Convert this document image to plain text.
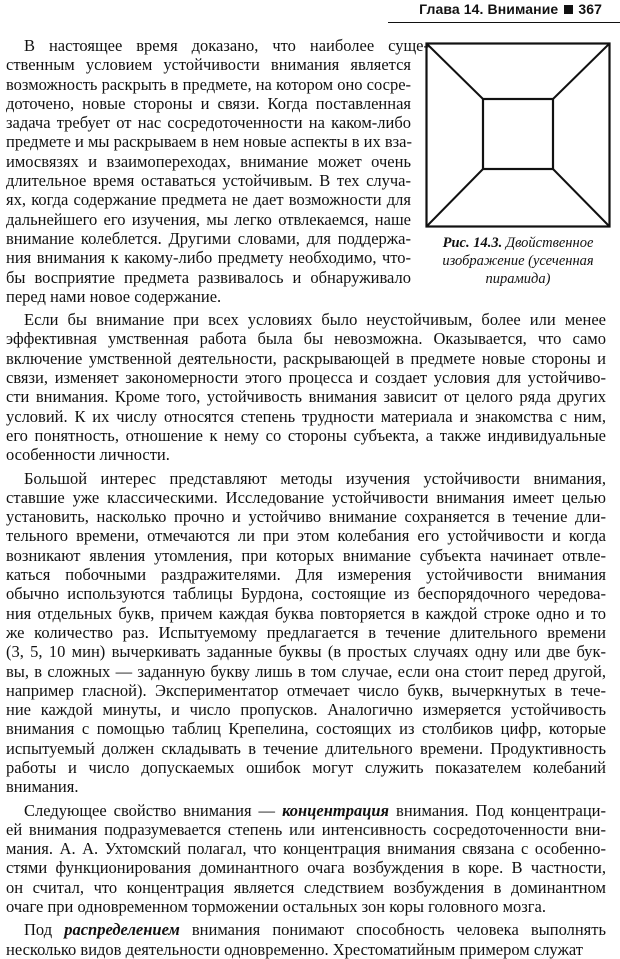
Глава 14. Внимание 367
Рис. 14.3. Двойственное
изображение (усеченная
пирамида)
В настоящее время доказано, что наиболее суще-
ственным условием устойчивости внимания является
возможность раскрыть в предмете, на котором оно сосре-
доточено, новые стороны и связи. Когда поставленная
задача требует от нас сосредоточенности на каком-либо
предмете и мы раскрываем в нем новые аспекты в их вза-
имосвязях и взаимопереходах, внимание может очень
длительное время оставаться устойчивым. В тех случа-
ях, когда содержание предмета не дает возможности для
дальнейшего его изучения, мы легко отвлекаемся, наше
внимание колеблется. Другими словами, для поддержа-
ния внимания к какому-либо предмету необходимо, что-
бы восприятие предмета развивалось и обнаруживало
перед нами новое содержание.
Если бы внимание при всех условиях было неустойчивым, более или менее
эффективная умственная работа была бы невозможна. Оказывается, что само
включение умственной деятельности, раскрывающей в предмете новые стороны и
связи, изменяет закономерности этого процесса и создает условия для устойчиво-
сти внимания. Кроме того, устойчивость внимания зависит от целого ряда других
условий. К их числу относятся степень трудности материала и знакомства с ним,
его понятность, отношение к нему со стороны субъекта, а также индивидуальные
особенности личности.
Большой интерес представляют методы изучения устойчивости внимания,
ставшие уже классическими. Исследование устойчивости внимания имеет целью
установить, насколько прочно и устойчиво внимание сохраняется в течение дли-
тельного времени, отмечаются ли при этом колебания его устойчивости и когда
возникают явления утомления, при которых внимание субъекта начинает отвле-
каться побочными раздражителями. Для измерения устойчивости внимания
обычно используются таблицы Бурдона, состоящие из беспорядочного чередова-
ния отдельных букв, причем каждая буква повторяется в каждой строке одно и то
же количество раз. Испытуемому предлагается в течение длительного времени
(3, 5, 10 мин) вычеркивать заданные буквы (в простых случаях одну или две бук-
вы, в сложных — заданную букву лишь в том случае, если она стоит перед другой,
например гласной). Экспериментатор отмечает число букв, вычеркнутых в тече-
ние каждой минуты, и число пропусков. Аналогично измеряется устойчивость
внимания с помощью таблиц Крепелина, состоящих из столбиков цифр, которые
испытуемый должен складывать в течение длительного времени. Продуктивность
работы и число допускаемых ошибок могут служить показателем колебаний
внимания.
Следующее свойство внимания — концентрация внимания. Под концентраци-
ей внимания подразумевается степень или интенсивность сосредоточенности вни-
мания. А. А. Ухтомский полагал, что концентрация внимания связана с особенно-
стями функционирования доминантного очага возбуждения в коре. В частности,
он считал, что концентрация является следствием возбуждения в доминантном
очаге при одновременном торможении остальных зон коры головного мозга.
Под распределением внимания понимают способность человека выполнять
несколько видов деятельности одновременно. Хрестоматийным примером служат
